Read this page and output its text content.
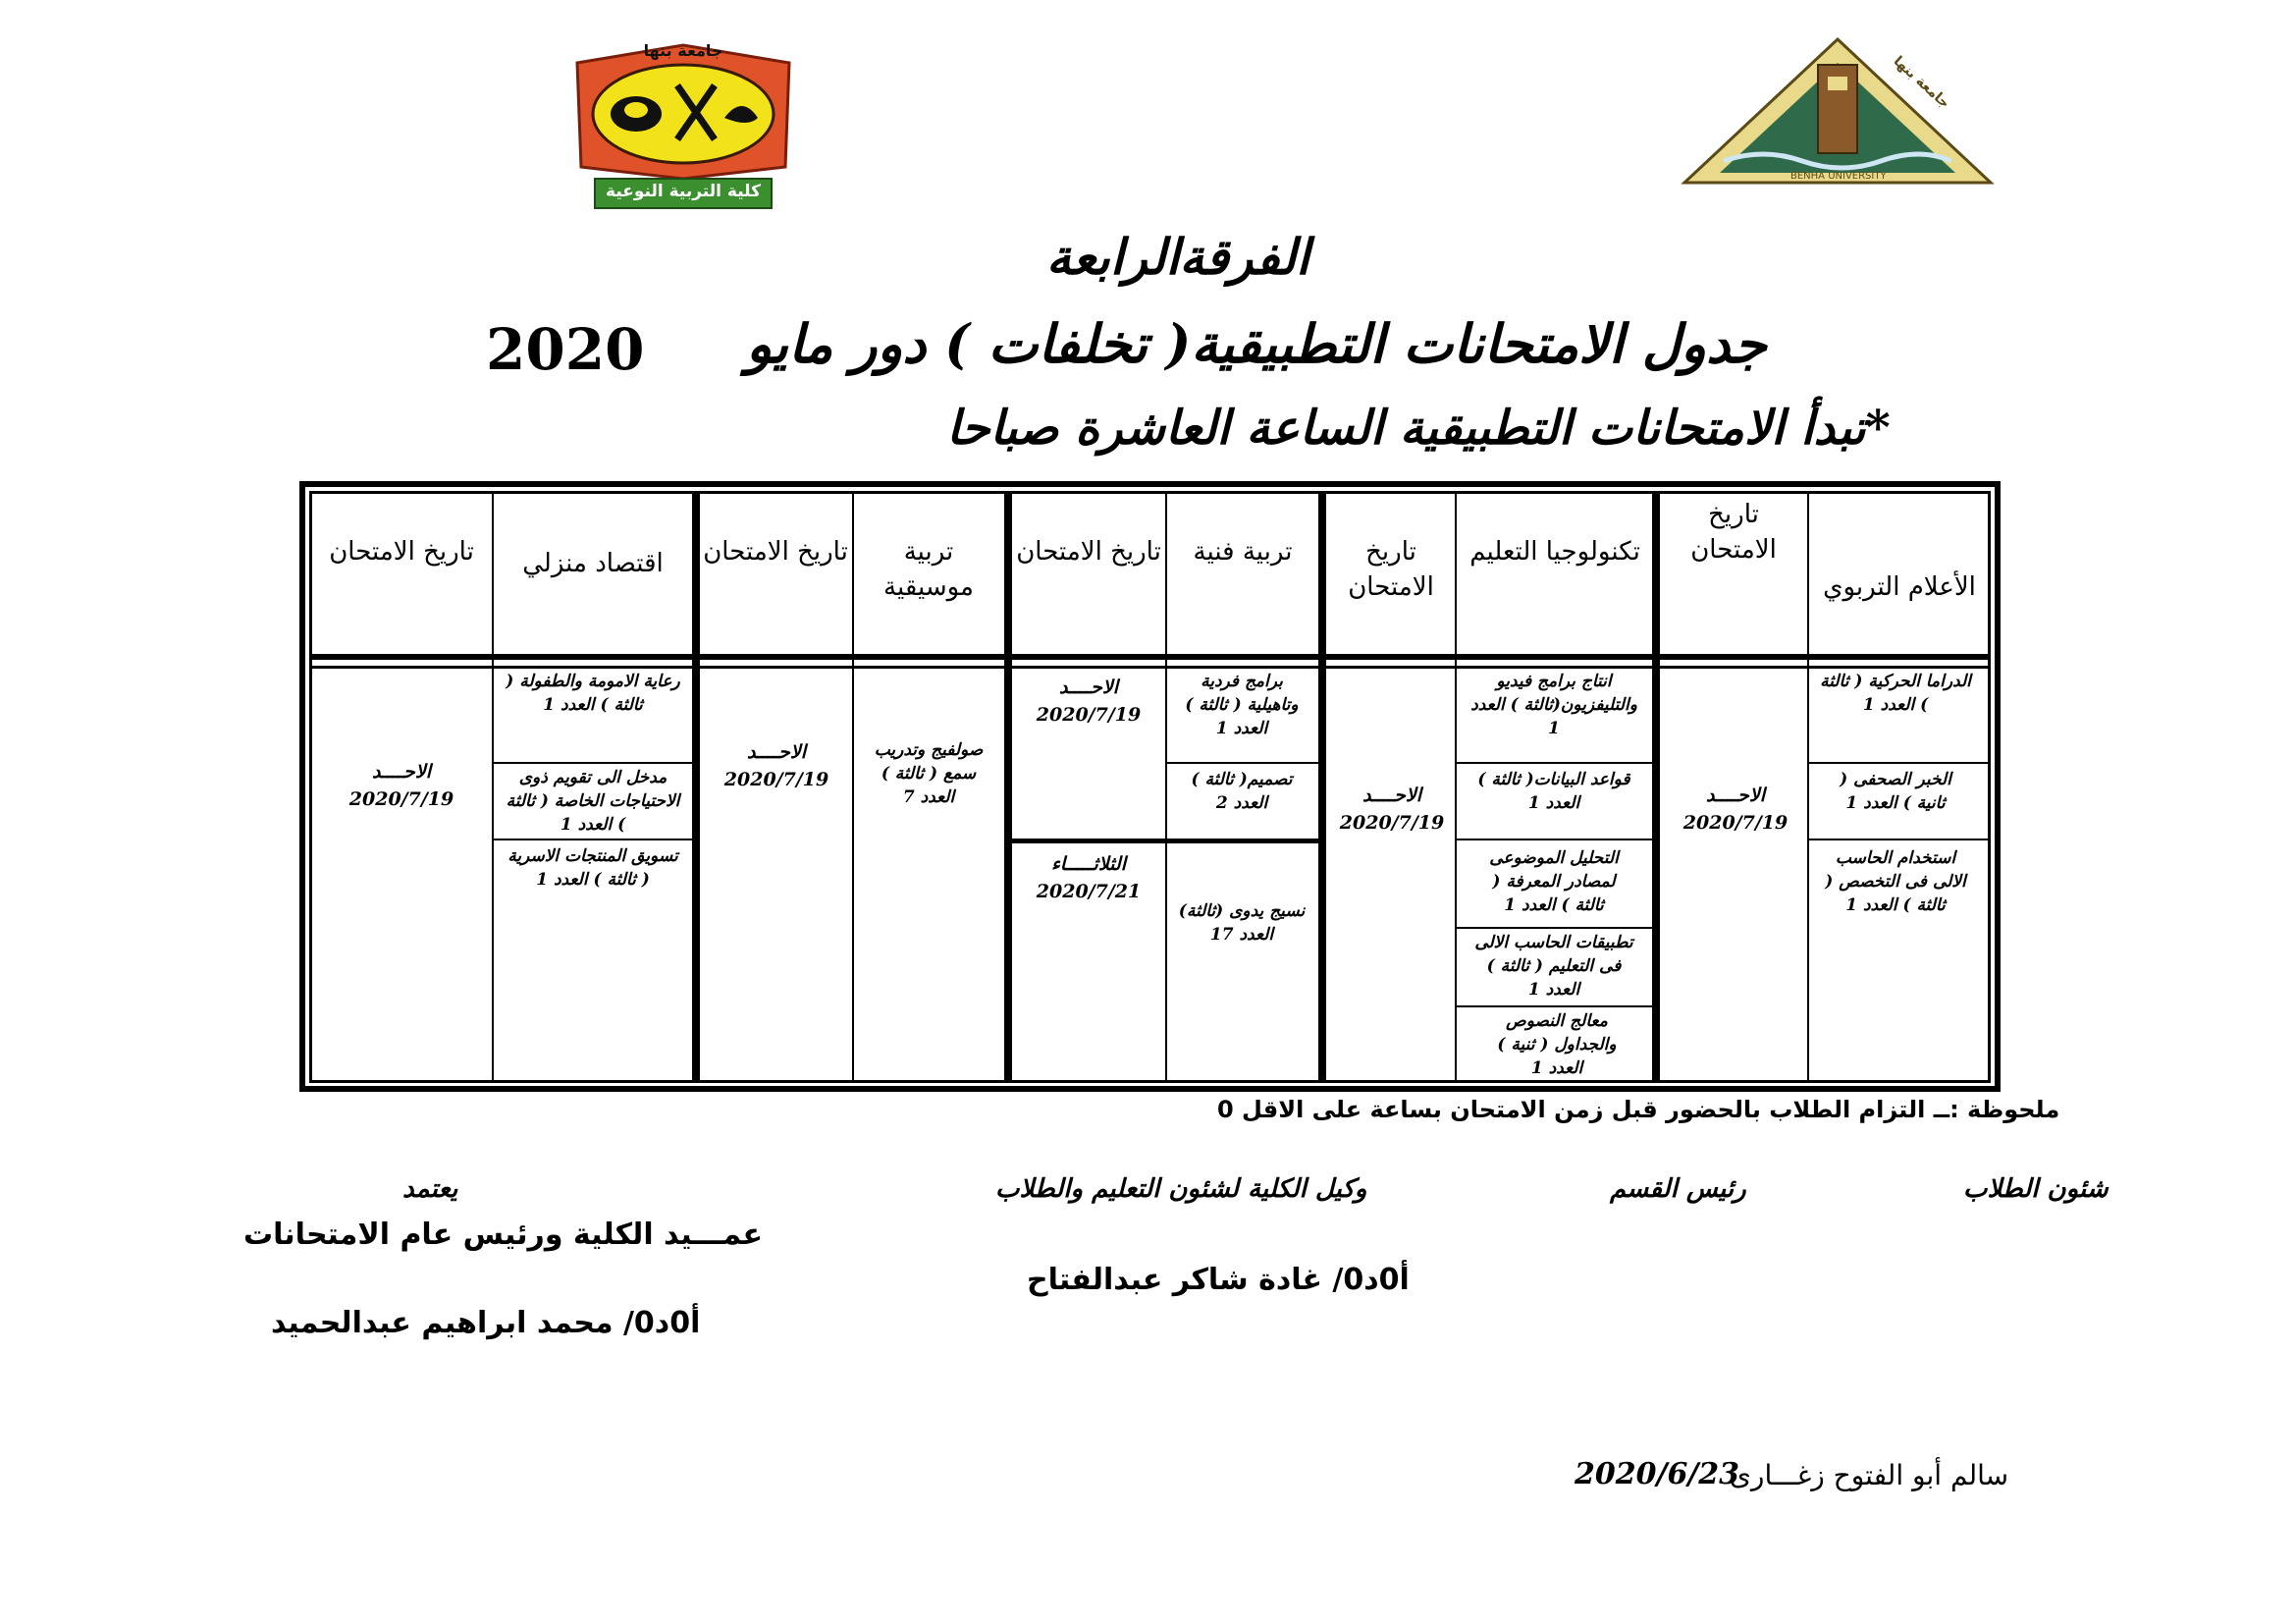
جامعة بنها
كلية التربية النوعية
جامعة بنها
BENHA UNIVERSITY
الفرقةالرابعة
جدول الامتحانات التطبيقية( تخلفات ) دور مايو
2020
*تبدأ الامتحانات التطبيقية الساعة العاشرة صباحا
الأعلام التربوي
تاريخ الامتحان
تكنولوجيا التعليم
تاريخ الامتحان
تربية فنية
تاريخ الامتحان
تربية موسيقية
تاريخ الامتحان
اقتصاد منزلي
تاريخ الامتحان
الدراما الحركية ( ثالثة ) العدد 1
الخبر الصحفى ( ثانية ) العدد 1
استخدام الحاسب الالى فى التخصص ( ثالثة ) العدد 1
الاحــــد 2020/7/19
انتاج برامج فيديو والتليفزيون(ثالثة ) العدد 1
قواعد البيانات( ثالثة ) العدد 1
التحليل الموضوعى لمصادر المعرفة ( ثالثة ) العدد 1
تطبيقات الحاسب الالى فى التعليم ( ثالثة ) العدد 1
معالج النصوص والجداول ( ثنية ) العدد 1
الاحــــد 2020/7/19
برامج فردية وتاهيلية ( ثالثة ) العدد 1
تصميم( ثالثة ) العدد 2
نسيج يدوى (ثالثة) العدد 17
الاحــــد 2020/7/19
الثلاثـــــاء 2020/7/21
صولفيج وتدريب سمع ( ثالثة ) العدد 7
الاحــــد 2020/7/19
رعاية الامومة والطفولة ( ثالثة ) العدد 1
مدخل الى تقويم ذوى الاحتياجات الخاصة ( ثالثة ) العدد 1
تسويق المنتجات الاسرية ( ثالثة ) العدد 1
الاحــــد 2020/7/19
ملحوظة :ــ التزام الطلاب بالحضور قبل زمن الامتحان بساعة على الاقل 0
شئون الطلاب
رئيس القسم
وكيل الكلية لشئون التعليم والطلاب
أ0د0/ غادة شاكر عبدالفتاح
يعتمد
عمـــيد الكلية ورئيس عام الامتحانات
أ0د0/ محمد ابراهيم عبدالحميد
سالم أبو الفتوح زغـــارى
2020/6/23
